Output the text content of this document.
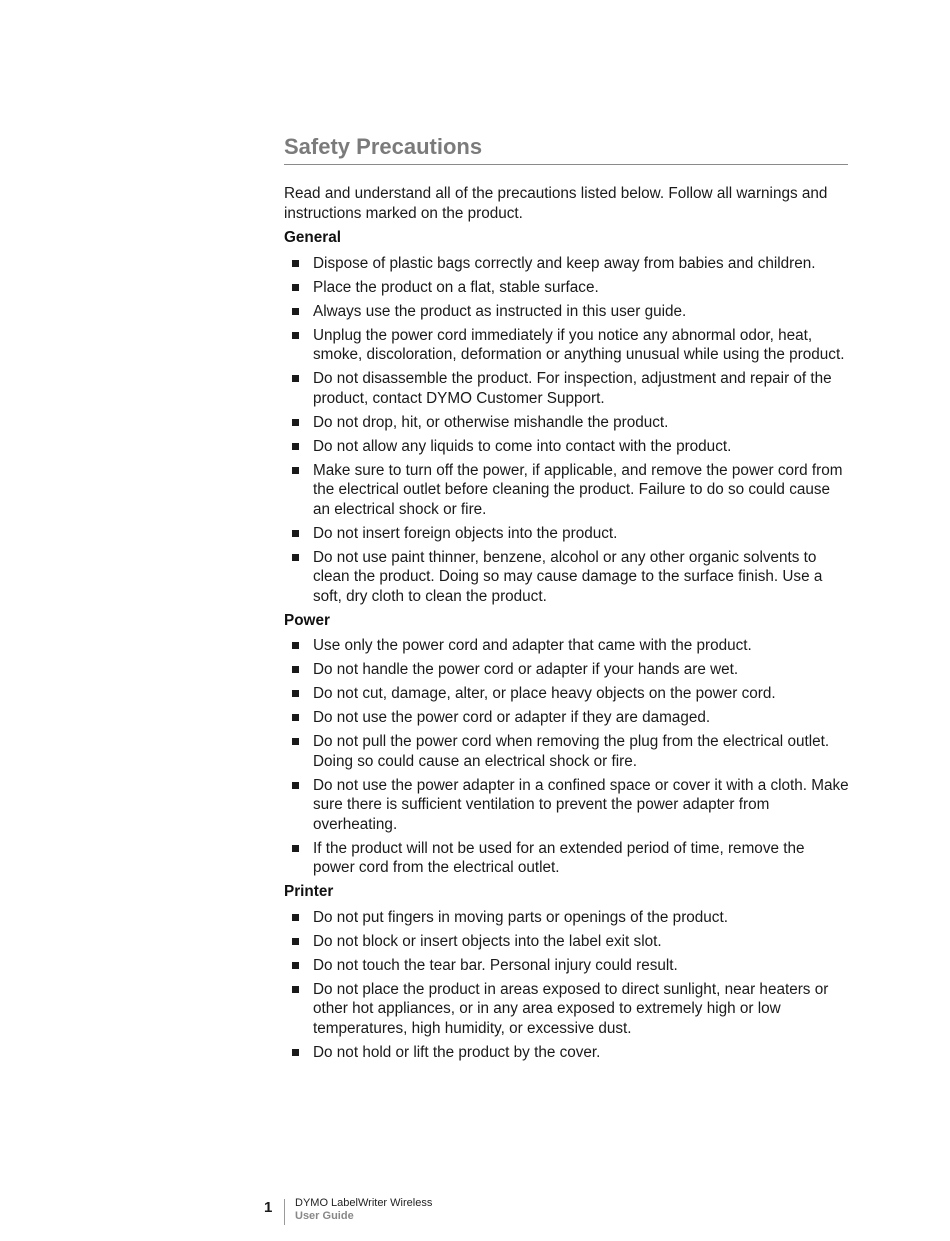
Safety Precautions

Read and understand all of the precautions listed below. Follow all warnings and instructions marked on the product.

General
Dispose of plastic bags correctly and keep away from babies and children.
Place the product on a flat, stable surface.
Always use the product as instructed in this user guide.
Unplug the power cord immediately if you notice any abnormal odor, heat, smoke, discoloration, deformation or anything unusual while using the product.
Do not disassemble the product. For inspection, adjustment and repair of the product, contact DYMO Customer Support.
Do not drop, hit, or otherwise mishandle the product.
Do not allow any liquids to come into contact with the product.
Make sure to turn off the power, if applicable, and remove the power cord from the electrical outlet before cleaning the product. Failure to do so could cause an electrical shock or fire.
Do not insert foreign objects into the product.
Do not use paint thinner, benzene, alcohol or any other organic solvents to clean the product. Doing so may cause damage to the surface finish. Use a soft, dry cloth to clean the product.
Power
Use only the power cord and adapter that came with the product.
Do not handle the power cord or adapter if your hands are wet.
Do not cut, damage, alter, or place heavy objects on the power cord.
Do not use the power cord or adapter if they are damaged.
Do not pull the power cord when removing the plug from the electrical outlet. Doing so could cause an electrical shock or fire.
Do not use the power adapter in a confined space or cover it with a cloth. Make sure there is sufficient ventilation to prevent the power adapter from overheating.
If the product will not be used for an extended period of time, remove the power cord from the electrical outlet.
Printer
Do not put fingers in moving parts or openings of the product.
Do not block or insert objects into the label exit slot.
Do not touch the tear bar. Personal injury could result.
Do not place the product in areas exposed to direct sunlight, near heaters or other hot appliances, or in any area exposed to extremely high or low temperatures, high humidity, or excessive dust.
Do not hold or lift the product by the cover.
1	DYMO LabelWriter Wireless
User Guide
